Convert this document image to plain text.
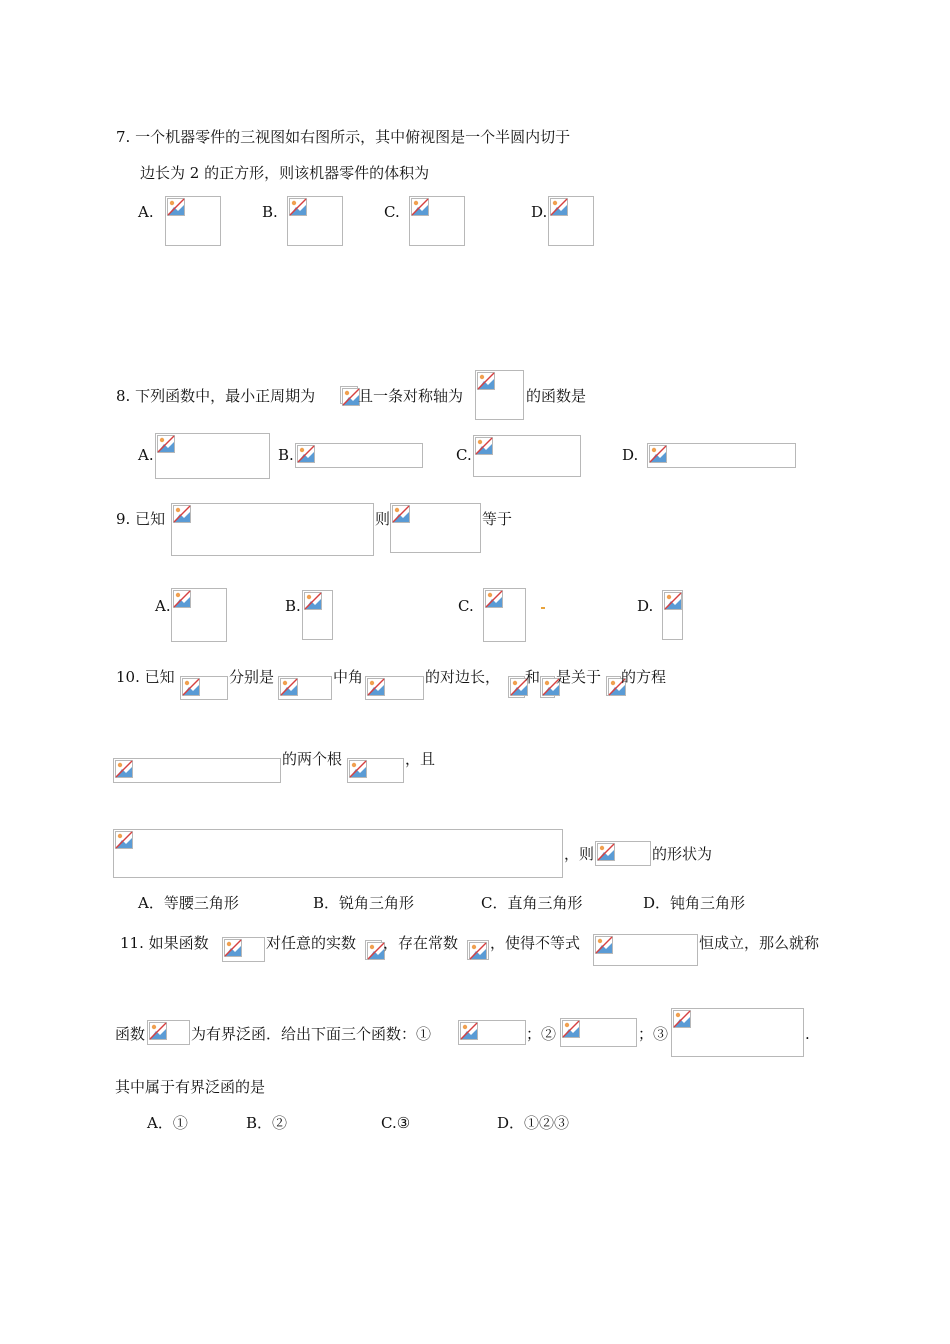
7. 一个机器零件的三视图如右图所示，其中俯视图是一个半圆内切于
边长为 2 的正方形，则该机器零件的体积为
A.	B.	C.	D.
8. 下列函数中，最小正周期为	且一条对称轴为	的函数是
A.	B.	C.	D.
9. 已知	则	等于
A.	B.	C.	D.
10. 已知	分别是	中角	的对边长， 和 是关于 的方程
的两个根	，且
，则	的形状为
A．等腰三角形	B．锐角三角形	C．直角三角形	D．钝角三角形
11. 如果函数	对任意的实数 ，存在常数 ，使得不等式	恒成立，那么就称
函数	为有界泛函．给出下面三个函数：①	；②	；③	.
其中属于有界泛函的是
A．①	B．②	C.③	D．①②③
